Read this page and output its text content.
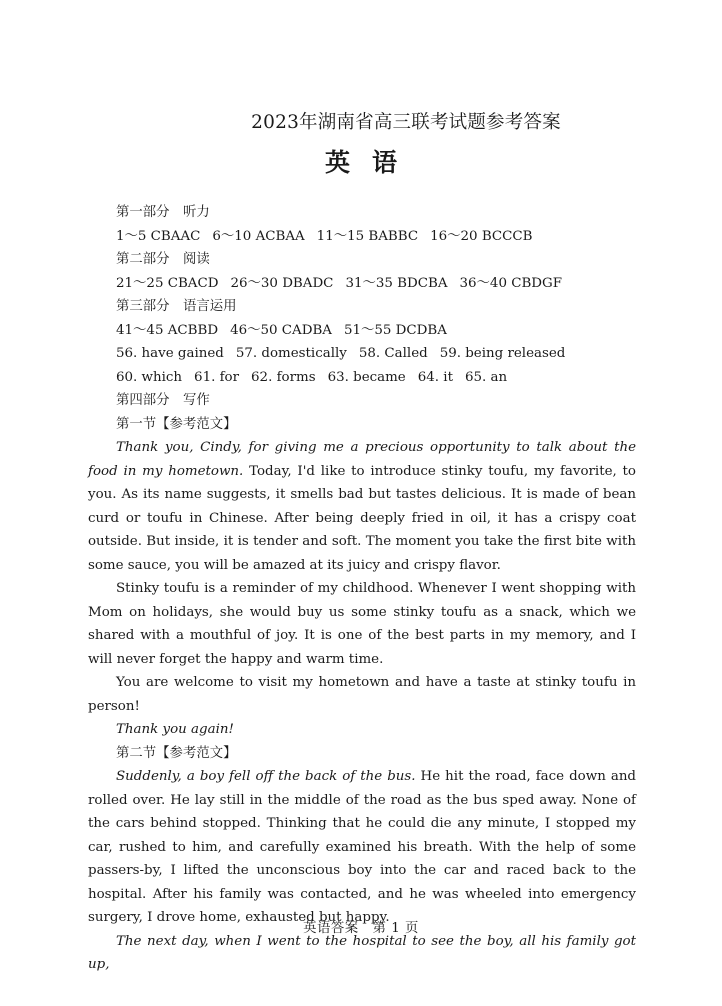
2023年湖南省高三联考试题参考答案
英语
第一部分　听力
1～5 CBAAC 6～10 ACBAA 11～15 BABBC 16～20 BCCCB
第二部分　阅读
21～25 CBACD 26～30 DBADC 31～35 BDCBA 36～40 CBDGF
第三部分　语言运用
41～45 ACBBD 46～50 CADBA 51～55 DCDBA
56. have gained 57. domestically 58. Called 59. being released
60. which 61. for 62. forms 63. became 64. it 65. an
第四部分　写作
第一节【参考范文】

Thank you, Cindy, for giving me a precious opportunity to talk about the food in my hometown. Today, I'd like to introduce stinky toufu, my favorite, to you. As its name suggests, it smells bad but tastes delicious. It is made of bean curd or toufu in Chinese. After being deeply fried in oil, it has a crispy coat outside. But inside, it is tender and soft. The moment you take the first bite with some sauce, you will be amazed at its juicy and crispy flavor.

Stinky toufu is a reminder of my childhood. Whenever I went shopping with Mom on holidays, she would buy us some stinky toufu as a snack, which we shared with a mouthful of joy. It is one of the best parts in my memory, and I will never forget the happy and warm time.

You are welcome to visit my hometown and have a taste at stinky toufu in person!

Thank you again!

第二节【参考范文】

Suddenly, a boy fell off the back of the bus. He hit the road, face down and rolled over. He lay still in the middle of the road as the bus sped away. None of the cars behind stopped. Thinking that he could die any minute, I stopped my car, rushed to him, and carefully examined his breath. With the help of some passers-by, I lifted the unconscious boy into the car and raced back to the hospital. After his family was contacted, and he was wheeled into emergency surgery, I drove home, exhausted but happy.

The next day, when I went to the hospital to see the boy, all his family got up,

英语答案　第 1 页
